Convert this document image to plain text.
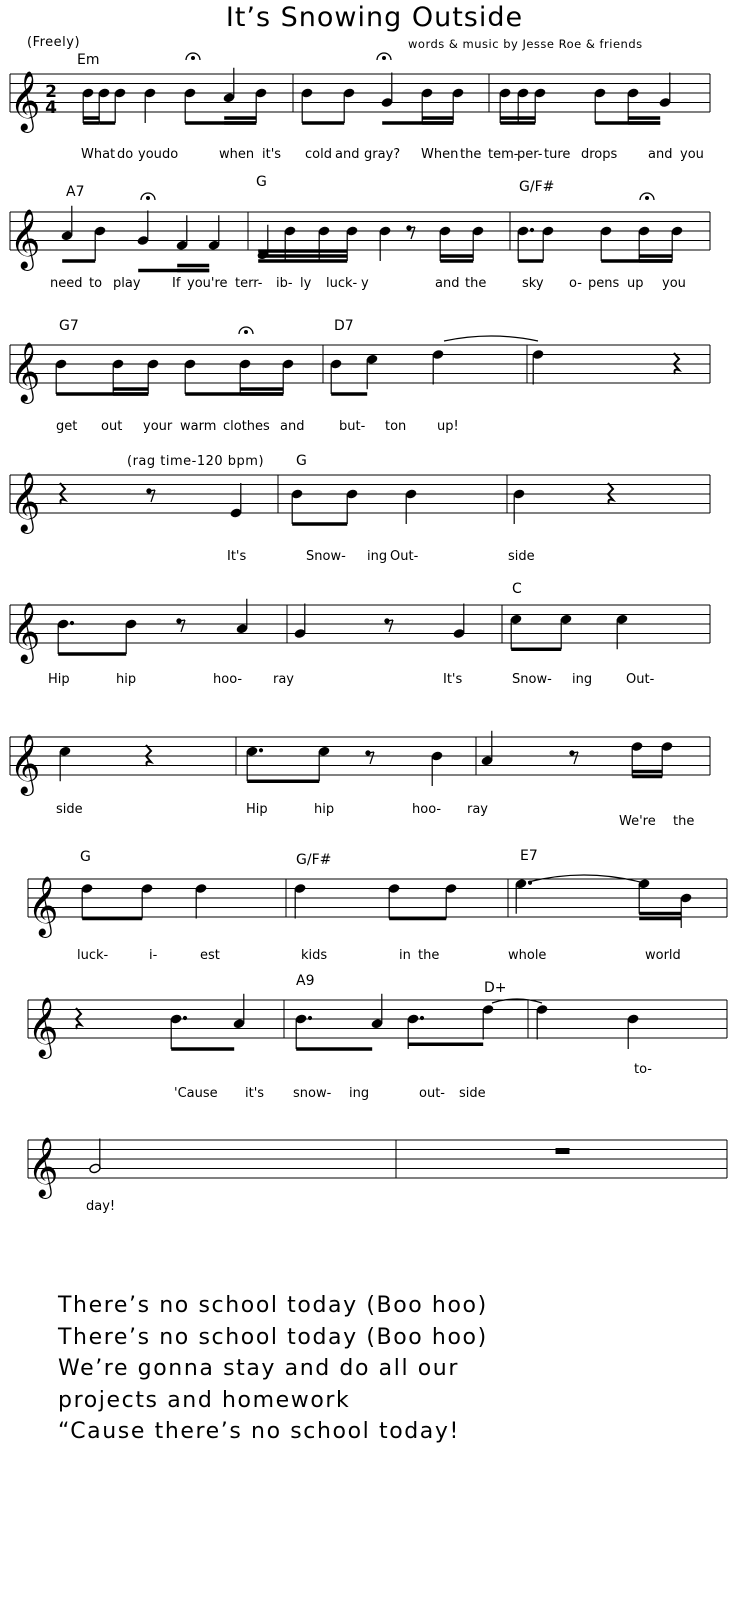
It’s Snowing Outside
(Freely)	words & music by Jesse Roe & friends
𝄞
𝄞
𝄞
𝄞
𝄞
𝄞
𝄞
𝄞
𝄞
2
4
(rag time-120 bpm)
Em
A7
G	G/F#
G7	D7
G
C
G	G/F#	E7
A9	D+
What do you do	when it's cold and gray? When the tem-
per- ture drops and you
need to play If you're terr- ib- ly luck- y	and the	sky o- pens up you
get out your warm clothes and	but- ton up!
It's	Snow- ing Out-	side
Hip	hip	hoo- ray	It's	Snow- ing	Out-
side	Hip	hip	hoo- ray
We're the
luck-	i-	est	kids	in the	whole	world
'Cause it's snow- ing	out- side
to-
day!
There’s no school today (Boo hoo)
There’s no school today (Boo hoo)
We’re gonna stay and do all our
projects and homework
“Cause there’s no school today!
